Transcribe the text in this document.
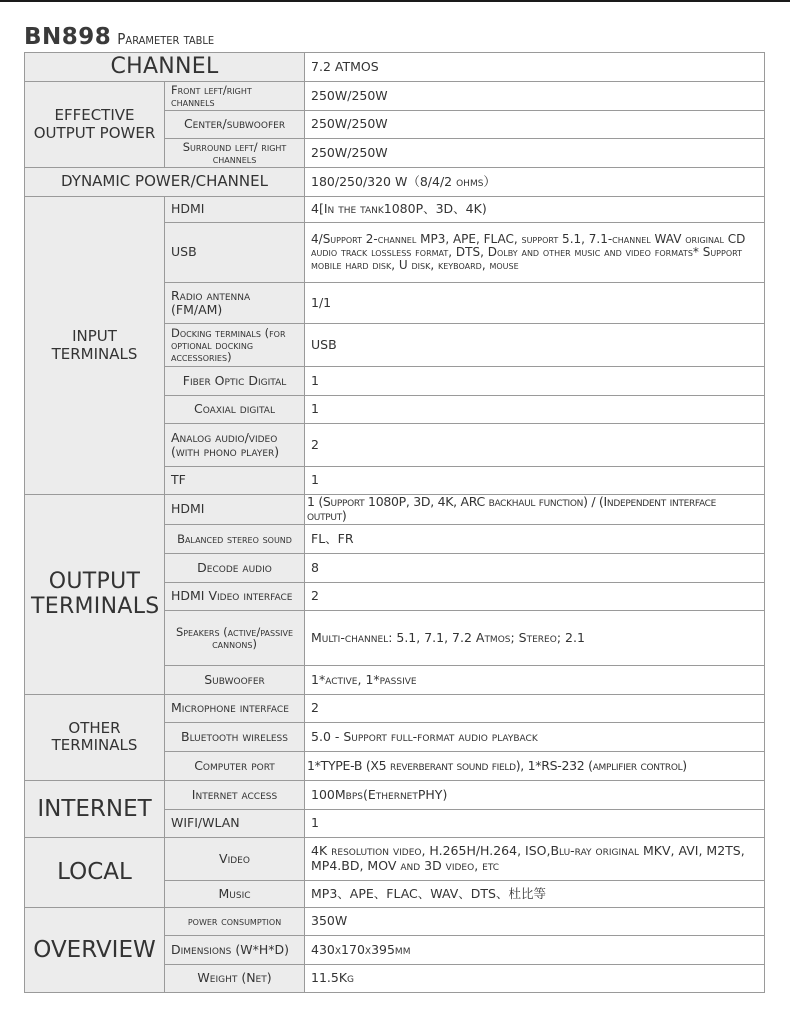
BN898 Parameter table
CHANNEL		7.2 ATMOS
EFFECTIVE OUTPUT POWER	Front left/right channels	250W/250W
	Center/subwoofer	250W/250W
	Surround left/ right channels	250W/250W
DYNAMIC POWER/CHANNEL		180/250/320 W（8/4/2 ohms）
INPUT TERMINALS	HDMI	4[In the tank1080P、3D、4K)
	USB	4/Support 2-channel MP3, APE, FLAC, support 5.1, 7.1-channel WAV original CD audio track lossless format, DTS, Dolby and other music and video formats* Support mobile hard disk, U disk, keyboard, mouse
	Radio antenna (FM/AM)	1/1
	Docking terminals (for optional docking accessories)	USB
	Fiber Optic Digital	1
	Coaxial digital	1
	Analog audio/video (with phono player)	2
	TF	1
OUTPUT TERMINALS	HDMI	1 (Support 1080P, 3D, 4K, ARC backhaul function) / (Independent interface output)
	Balanced stereo sound	FL、FR
	Decode audio	8
	HDMI Video interface	2
	Speakers (active/passive cannons)	Multi-channel: 5.1, 7.1, 7.2 Atmos; Stereo; 2.1
	Subwoofer	1*active, 1*passive
OTHER TERMINALS	Microphone interface	2
	Bluetooth wireless	5.0 - Support full-format audio playback
	Computer port	1*TYPE-B (X5 reverberant sound field), 1*RS-232 (amplifier control)
INTERNET	Internet access	100Mbps(EthernetPHY)
	WIFI/WLAN	1
LOCAL	Video	4K resolution video, H.265H/H.264, ISO,Blu-ray original MKV, AVI, M2TS, MP4.BD, MOV and 3D video, etc
	Music	MP3、APE、FLAC、WAV、DTS、杜比等
OVERVIEW	power consumption	350W
	Dimensions (W*H*D)	430x170x395mm
	Weight (Net)	11.5Kg
